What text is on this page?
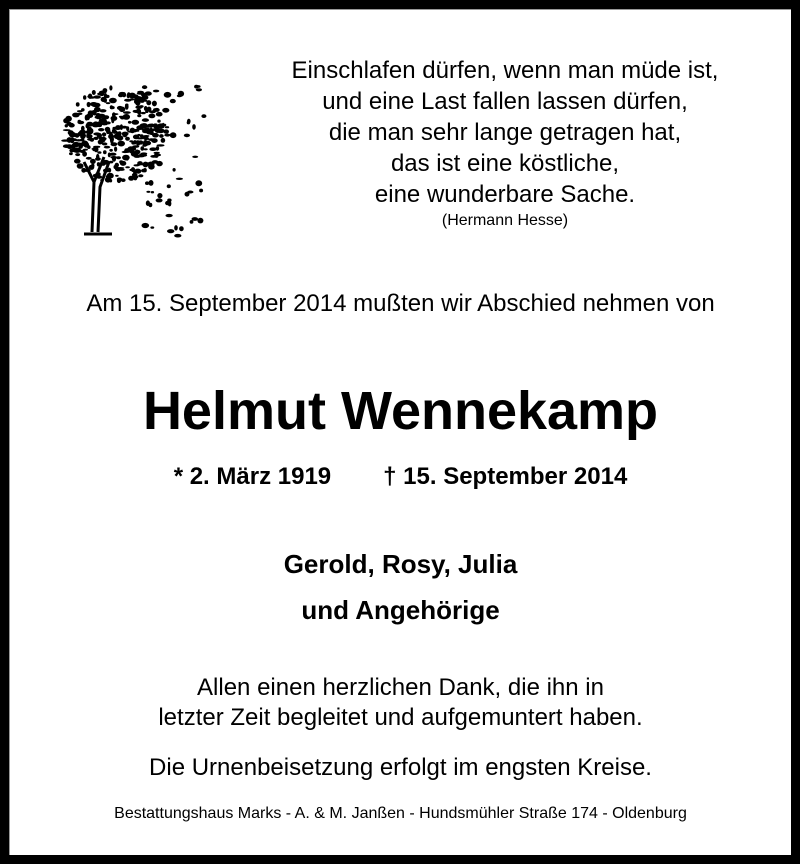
Einschlafen dürfen, wenn man müde ist,
und eine Last fallen lassen dürfen,
die man sehr lange getragen hat,
das ist eine köstliche,
eine wunderbare Sache.
(Hermann Hesse)
Am 15. September 2014 mußten wir Abschied nehmen von
Helmut Wennekamp
* 2. März 1919 † 15. September 2014
Gerold, Rosy, Julia
und Angehörige
Allen einen herzlichen Dank, die ihn in
letzter Zeit begleitet und aufgemuntert haben.
Die Urnenbeisetzung erfolgt im engsten Kreise.
Bestattungshaus Marks - A. & M. Janßen - Hundsmühler Straße 174 - Oldenburg
